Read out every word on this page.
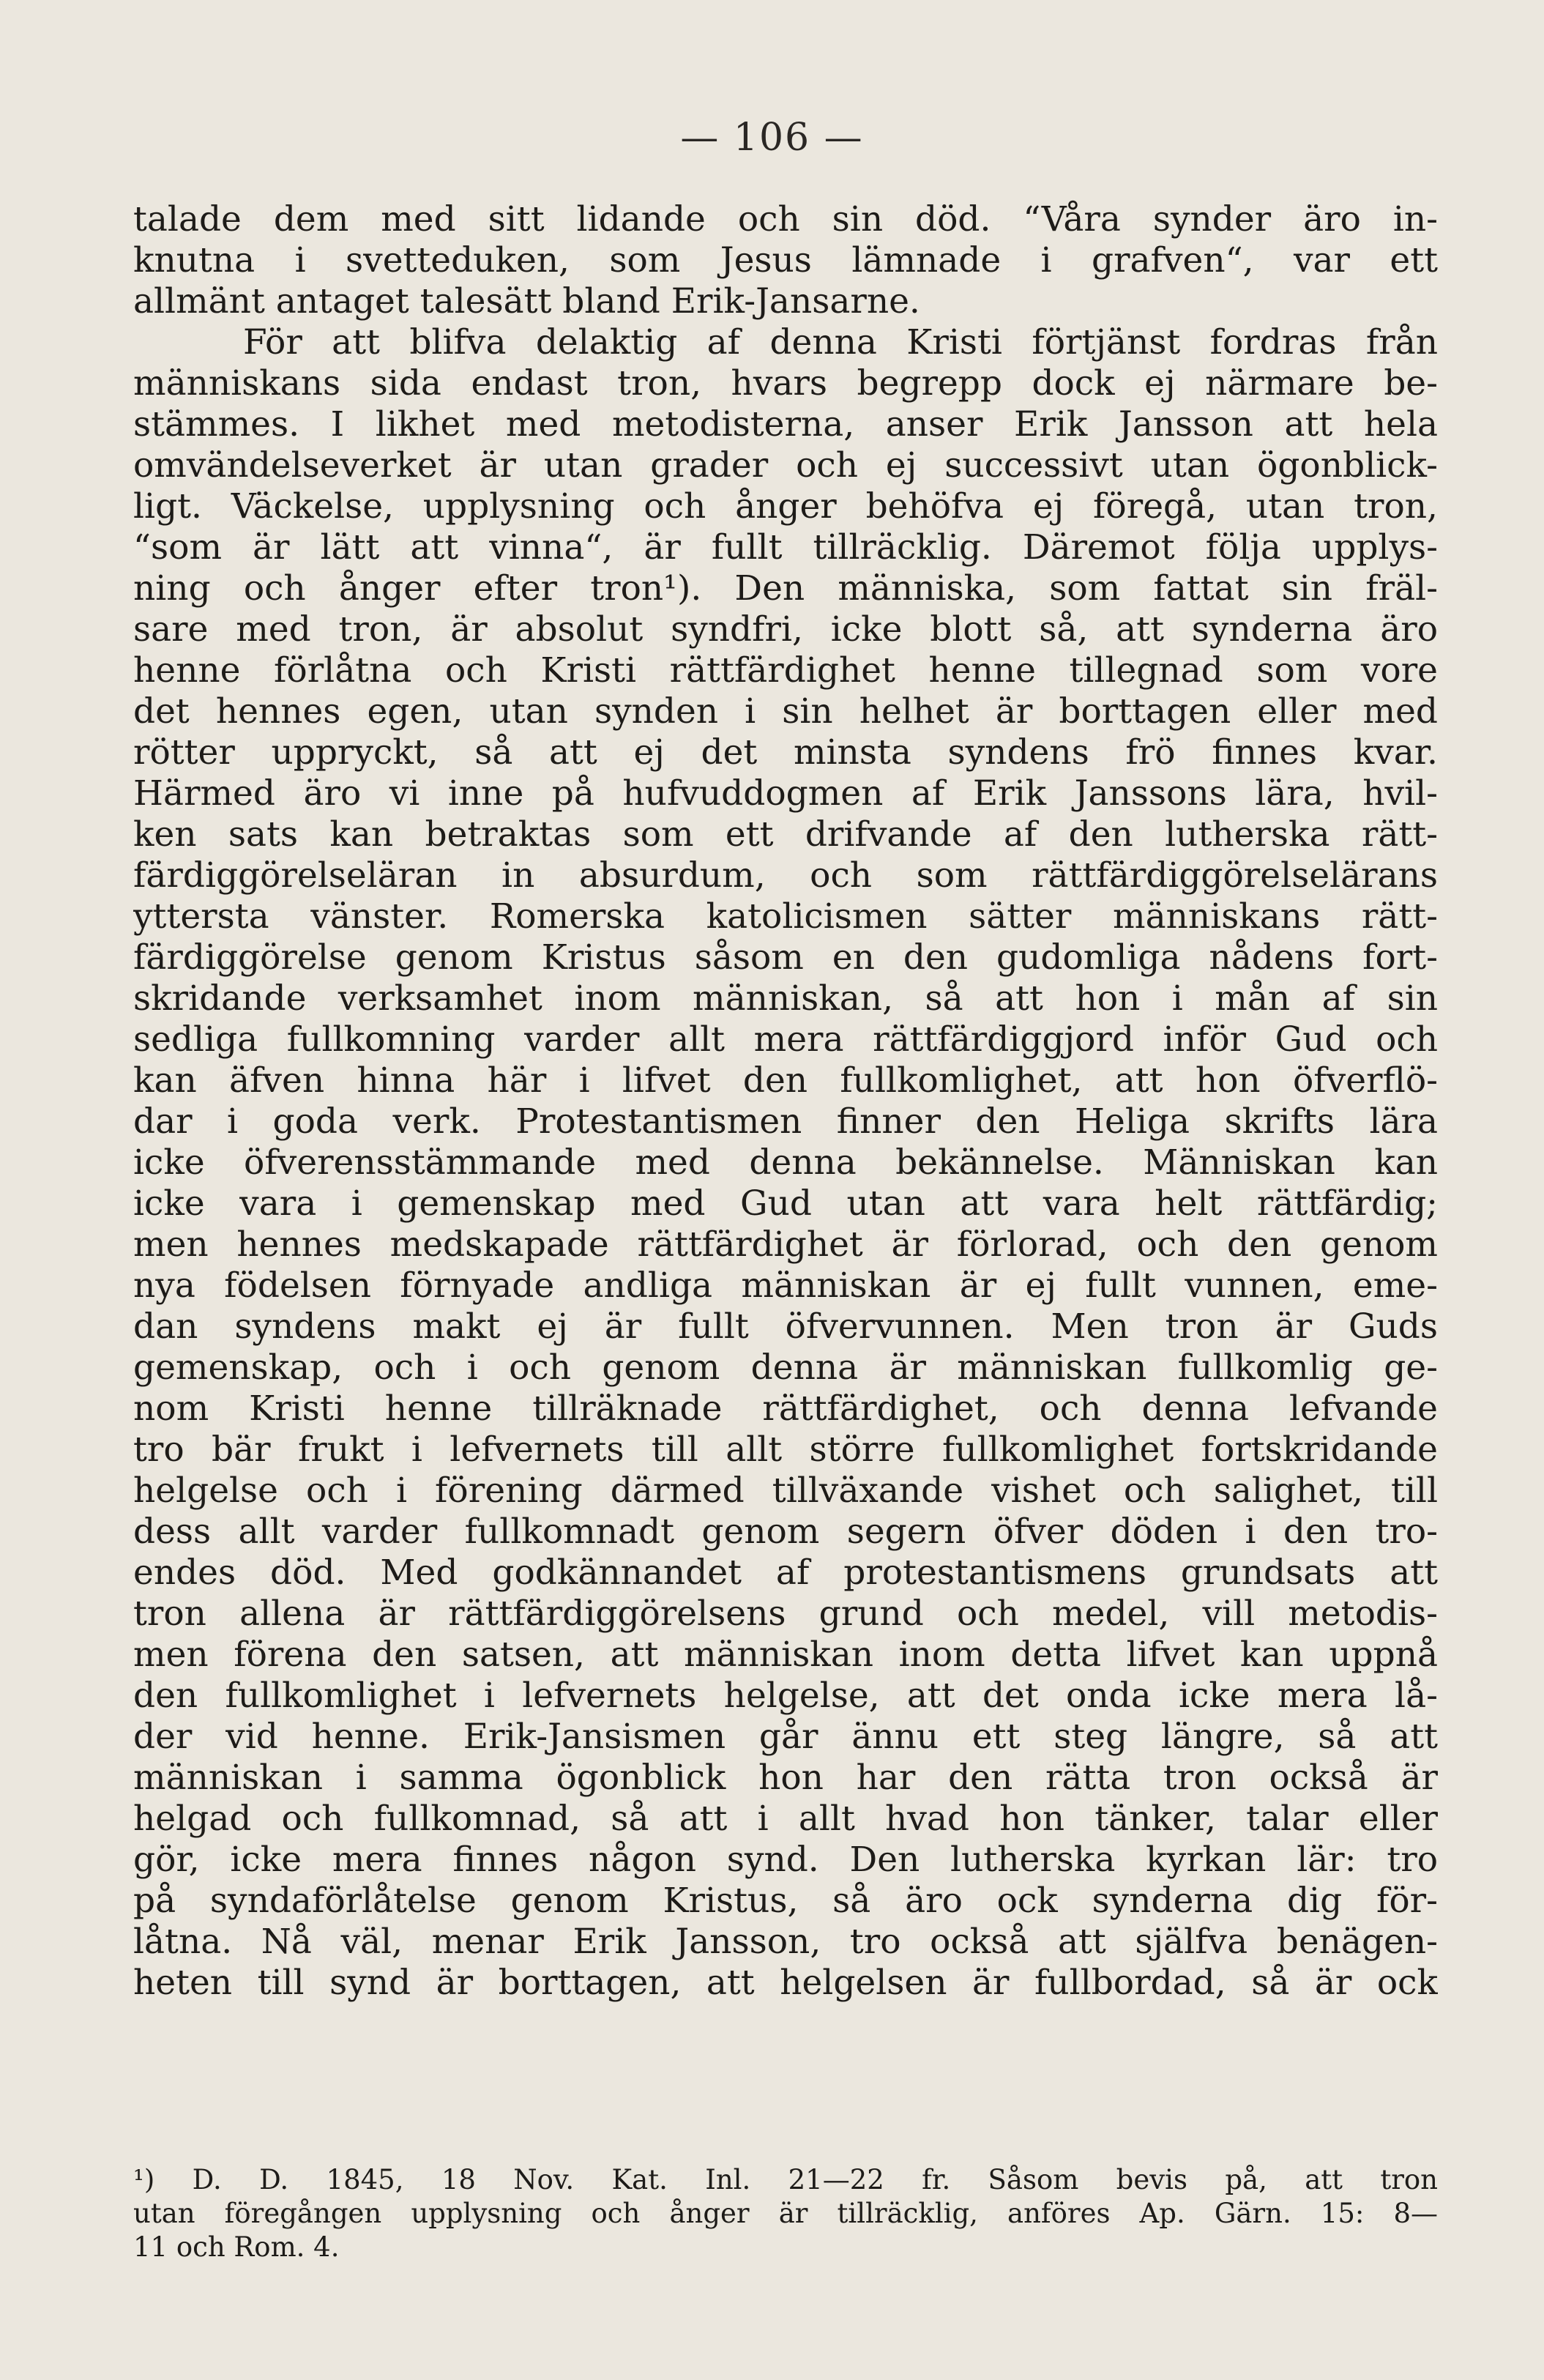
— 106 —
talade dem med sitt lidande och sin död. “Våra synder äro in-
knutna i svetteduken, som Jesus lämnade i grafven“, var ett
allmänt antaget talesätt bland Erik-Jansarne.
För att blifva delaktig af denna Kristi förtjänst fordras från
människans sida endast tron, hvars begrepp dock ej närmare be-
stämmes. I likhet med metodisterna, anser Erik Jansson att hela
omvändelseverket är utan grader och ej successivt utan ögonblick-
ligt. Väckelse, upplysning och ånger behöfva ej föregå, utan tron,
“som är lätt att vinna“, är fullt tillräcklig. Däremot följa upplys-
ning och ånger efter tron¹). Den människa, som fattat sin fräl-
sare med tron, är absolut syndfri, icke blott så, att synderna äro
henne förlåtna och Kristi rättfärdighet henne tillegnad som vore
det hennes egen, utan synden i sin helhet är borttagen eller med
rötter uppryckt, så att ej det minsta syndens frö finnes kvar.
Härmed äro vi inne på hufvuddogmen af Erik Janssons lära, hvil-
ken sats kan betraktas som ett drifvande af den lutherska rätt-
färdiggörelseläran in absurdum, och som rättfärdiggörelselärans
yttersta vänster. Romerska katolicismen sätter människans rätt-
färdiggörelse genom Kristus såsom en den gudomliga nådens fort-
skridande verksamhet inom människan, så att hon i mån af sin
sedliga fullkomning varder allt mera rättfärdiggjord inför Gud och
kan äfven hinna här i lifvet den fullkomlighet, att hon öfverflö-
dar i goda verk. Protestantismen finner den Heliga skrifts lära
icke öfverensstämmande med denna bekännelse. Människan kan
icke vara i gemenskap med Gud utan att vara helt rättfärdig;
men hennes medskapade rättfärdighet är förlorad, och den genom
nya födelsen förnyade andliga människan är ej fullt vunnen, eme-
dan syndens makt ej är fullt öfvervunnen. Men tron är Guds
gemenskap, och i och genom denna är människan fullkomlig ge-
nom Kristi henne tillräknade rättfärdighet, och denna lefvande
tro bär frukt i lefvernets till allt större fullkomlighet fortskridande
helgelse och i förening därmed tillväxande vishet och salighet, till
dess allt varder fullkomnadt genom segern öfver döden i den tro-
endes död. Med godkännandet af protestantismens grundsats att
tron allena är rättfärdiggörelsens grund och medel, vill metodis-
men förena den satsen, att människan inom detta lifvet kan uppnå
den fullkomlighet i lefvernets helgelse, att det onda icke mera lå-
der vid henne. Erik-Jansismen går ännu ett steg längre, så att
människan i samma ögonblick hon har den rätta tron också är
helgad och fullkomnad, så att i allt hvad hon tänker, talar eller
gör, icke mera finnes någon synd. Den lutherska kyrkan lär: tro
på syndaförlåtelse genom Kristus, så äro ock synderna dig för-
låtna. Nå väl, menar Erik Jansson, tro också att själfva benägen-
heten till synd är borttagen, att helgelsen är fullbordad, så är ock
¹) D. D. 1845, 18 Nov. Kat. Inl. 21—22 fr. Såsom bevis på, att tron
utan föregången upplysning och ånger är tillräcklig, anföres Ap. Gärn. 15: 8—
11 och Rom. 4.
